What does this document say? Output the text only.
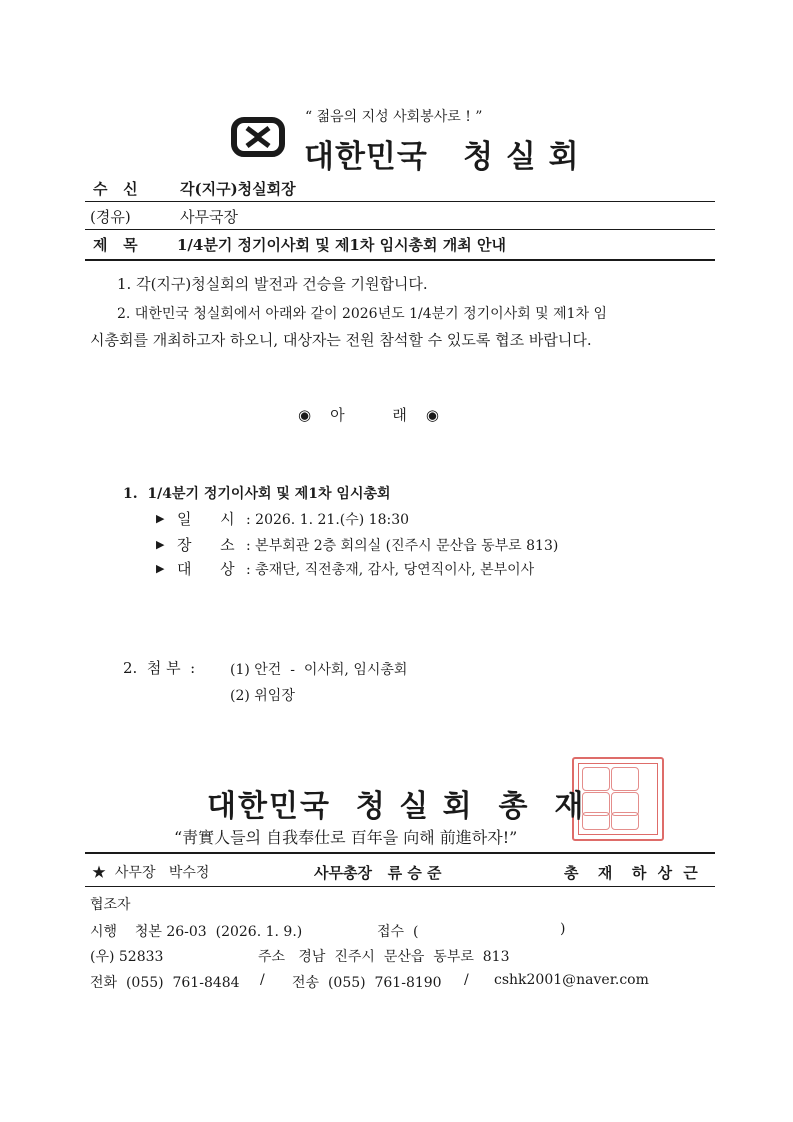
“ 젊음의 지성 사회봉사로 ! ”
대한민국   청 실 회
수   신	각(지구)청실회장
(경유)	사무국장
제   목	1/4분기 정기이사회 및 제1차 임시총회 개최 안내
1. 각(지구)청실회의 발전과 건승을 기원합니다.
2. 대한민국 청실회에서 아래와 같이 2026년도 1/4분기 정기이사회 및 제1차 임
시총회를 개최하고자 하오니, 대상자는 전원 참석할 수 있도록 협조 바랍니다.
◉    아          래    ◉
1.  1/4분기 정기이사회 및 제1차 임시총회
▶ 일      시 : 2026. 1. 21.(수) 18:30
▶ 장      소 : 본부회관 2층 회의실 (진주시 문산읍 동부로 813)
▶ 대      상 : 총재단, 직전총재, 감사, 당연직이사, 본부이사
2.  첨 부  : (1) 안건  -  이사회, 임시총회
(2) 위임장
대한민국  청 실 회  총  재
“靑實人들의 自我奉仕로 百年을 向해 前進하자!”
★  사무장   박수정	사무총장   류 승 준	총  재  하 상 근
협조자
시행    청본 26-03  (2026. 1. 9.)	접수  (	)
(우) 52833	주소   경남  진주시  문산읍  동부로  813
전화  (055)  761-8484 / 전송  (055)  761-8190 / cshk2001@naver.com
